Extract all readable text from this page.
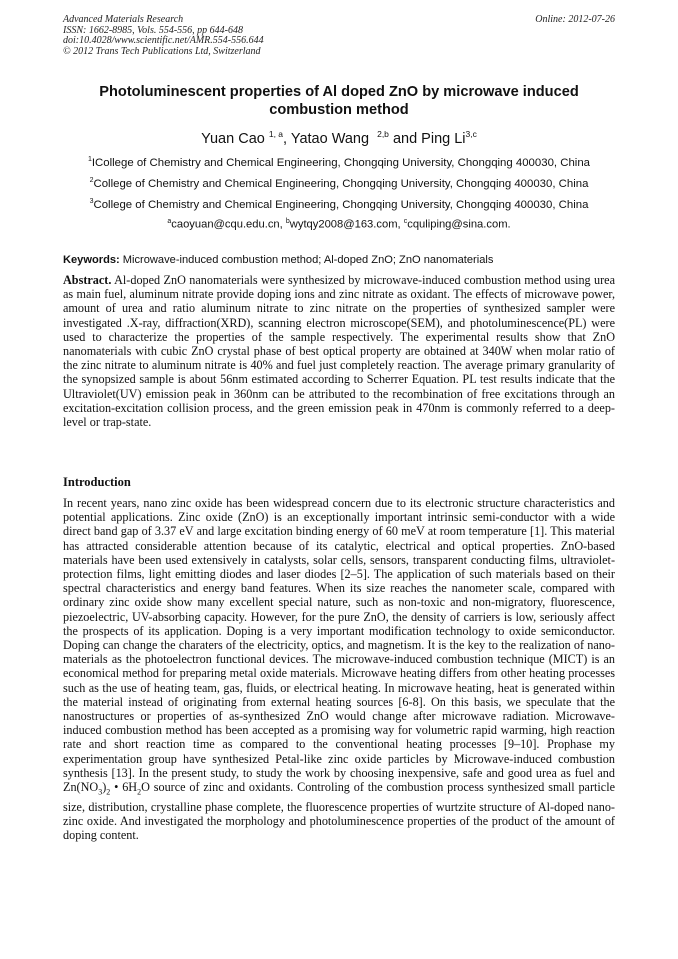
Advanced Materials Research
ISSN: 1662-8985, Vols. 554-556, pp 644-648
doi:10.4028/www.scientific.net/AMR.554-556.644
© 2012 Trans Tech Publications Ltd, Switzerland
Online: 2012-07-26
Photoluminescent properties of Al doped ZnO by microwave induced
combustion method
Yuan Cao $^{1, a}$, Yatao Wang $^{2,b}$ and Ping Li$^{3,c}$
$^1$ICollege of Chemistry and Chemical Engineering, Chongqing University, Chongqing 400030, China
$^2$College of Chemistry and Chemical Engineering, Chongqing University, Chongqing 400030, China
$^3$College of Chemistry and Chemical Engineering, Chongqing University, Chongqing 400030, China
$^a$caoyuan@cqu.edu.cn, $^b$wytqy2008@163.com, $^c$cquliping@sina.com.
Keywords: Microwave-induced combustion method; Al-doped ZnO; ZnO nanomaterials
Abstract. Al-doped ZnO nanomaterials were synthesized by microwave-induced combustion method using urea as main fuel, aluminum nitrate provide doping ions and zinc nitrate as oxidant. The effects of microwave power, amount of urea and ratio aluminum nitrate to zinc nitrate on the properties of synthesized sampler were investigated .X-ray, diffraction(XRD), scanning electron microscope(SEM), and photoluminescence(PL) were used to characterize the properties of the sample respectively. The experimental results show that ZnO nanomaterials with cubic ZnO crystal phase of best optical property are obtained at 340W when molar ratio of the zinc nitrate to aluminum nitrate is 40% and fuel just completely reaction. The average primary granularity of the synopsized sample is about 56nm estimated according to Scherrer Equation. PL test results indicate that the Ultraviolet(UV) emission peak in 360nm can be attributed to the recombination of free excitations through an excitation-excitation collision process, and the green emission peak in 470nm is commonly referred to a deep-level or trap-state.
Introduction
In recent years, nano zinc oxide has been widespread concern due to its electronic structure characteristics and potential applications. Zinc oxide (ZnO) is an exceptionally important intrinsic semi-conductor with a wide direct band gap of 3.37 eV and large excitation binding energy of 60 meV at room temperature [1]. This material has attracted considerable attention because of its catalytic, electrical and optical properties. ZnO-based materials have been used extensively in catalysts, solar cells, sensors, transparent conducting films, ultraviolet-protection films, light emitting diodes and laser diodes [2–5]. The application of such materials based on their spectral characteristics and energy band features. When its size reaches the nanometer scale, compared with ordinary zinc oxide show many excellent special nature, such as non-toxic and non-migratory, fluorescence, piezoelectric, UV-absorbing capacity. However, for the pure ZnO, the density of carriers is low, seriously affect the prospects of its application. Doping is a very important modification technology to oxide semiconductor. Doping can change the charaters of the electricity, optics, and magnetism. It is the key to the realization of nano-materials as the photoelectron functional devices. The microwave-induced combustion technique (MICT) is an economical method for preparing metal oxide materials. Microwave heating differs from other heating processes such as the use of heating team, gas, fluids, or electrical heating. In microwave heating, heat is generated within the material instead of originating from external heating sources [6-8]. On this basis, we speculate that the nanostructures or properties of as-synthesized ZnO would change after microwave radiation. Microwave-induced combustion method has been accepted as a promising way for volumetric rapid warming, high reaction rate and short reaction time as compared to the conventional heating processes [9–10]. Prophase my experimentation group have synthesized Petal-like zinc oxide particles by Microwave-induced combustion synthesis [13]. In the present study, to study the work by choosing inexpensive, safe and good urea as fuel and $Zn(NO_3)_2$ • $6H_2O$ source of zinc and oxidants. Controling of the combustion process synthesized small particle size, distribution, crystalline phase complete, the fluorescence properties of wurtzite structure of Al-doped nano-zinc oxide. And investigated the morphology and photoluminescence properties of the product of the amount of doping content.
